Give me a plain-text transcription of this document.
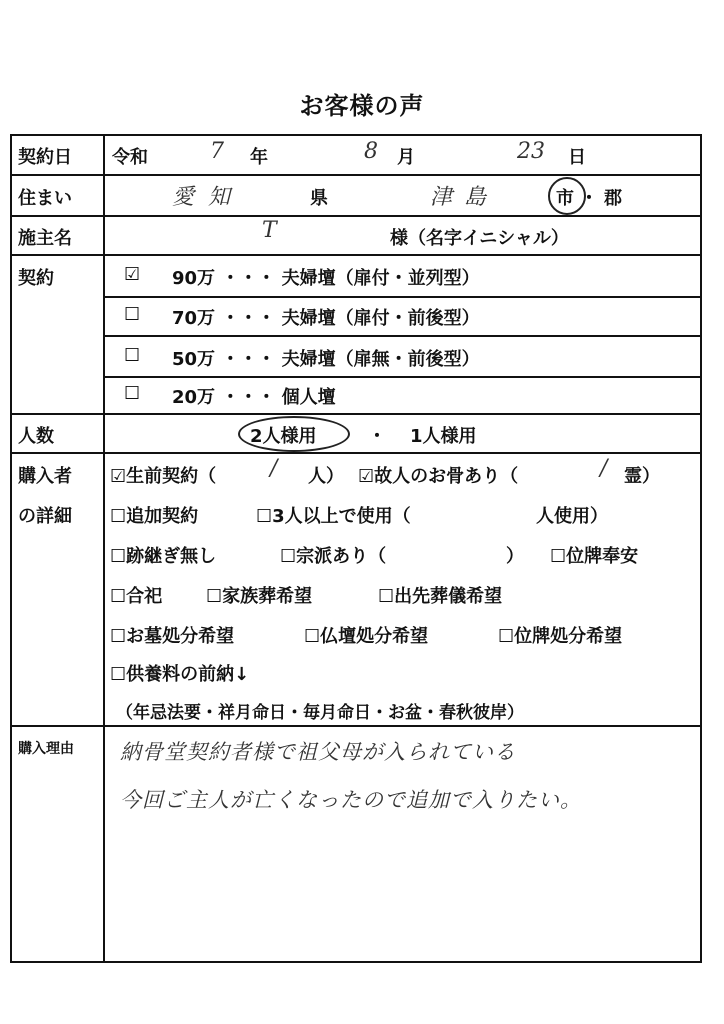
お客様の声
契約日 令和	7 年	8 月	23 日
住まい	愛知	県	津島	市 ・ 郡
施主名	T	様（名字イニシャル）
契約	☑ 90万 ・・・ 夫婦壇（扉付・並列型）
☐ 70万 ・・・ 夫婦壇（扉付・前後型）
☐ 50万 ・・・ 夫婦壇（扉無・前後型）
☐ 20万 ・・・ 個人壇
人数	2人様用	・ 1人様用
購入者
の詳細
☑生前契約（ / 人） ☑故人のお骨あり（	/ 霊）
☐追加契約	☐3人以上で使用（	人使用）
☐跡継ぎ無し	☐宗派あり（	） ☐位牌奉安
☐合祀 ☐家族葬希望	☐出先葬儀希望
☐お墓処分希望	☐仏壇処分希望	☐位牌処分希望
☐供養料の前納↓
（年忌法要・祥月命日・毎月命日・お盆・春秋彼岸）
購入理由 納骨堂契約者様で祖父母が入られている
今回ご主人が亡くなったので追加で入りたい。
